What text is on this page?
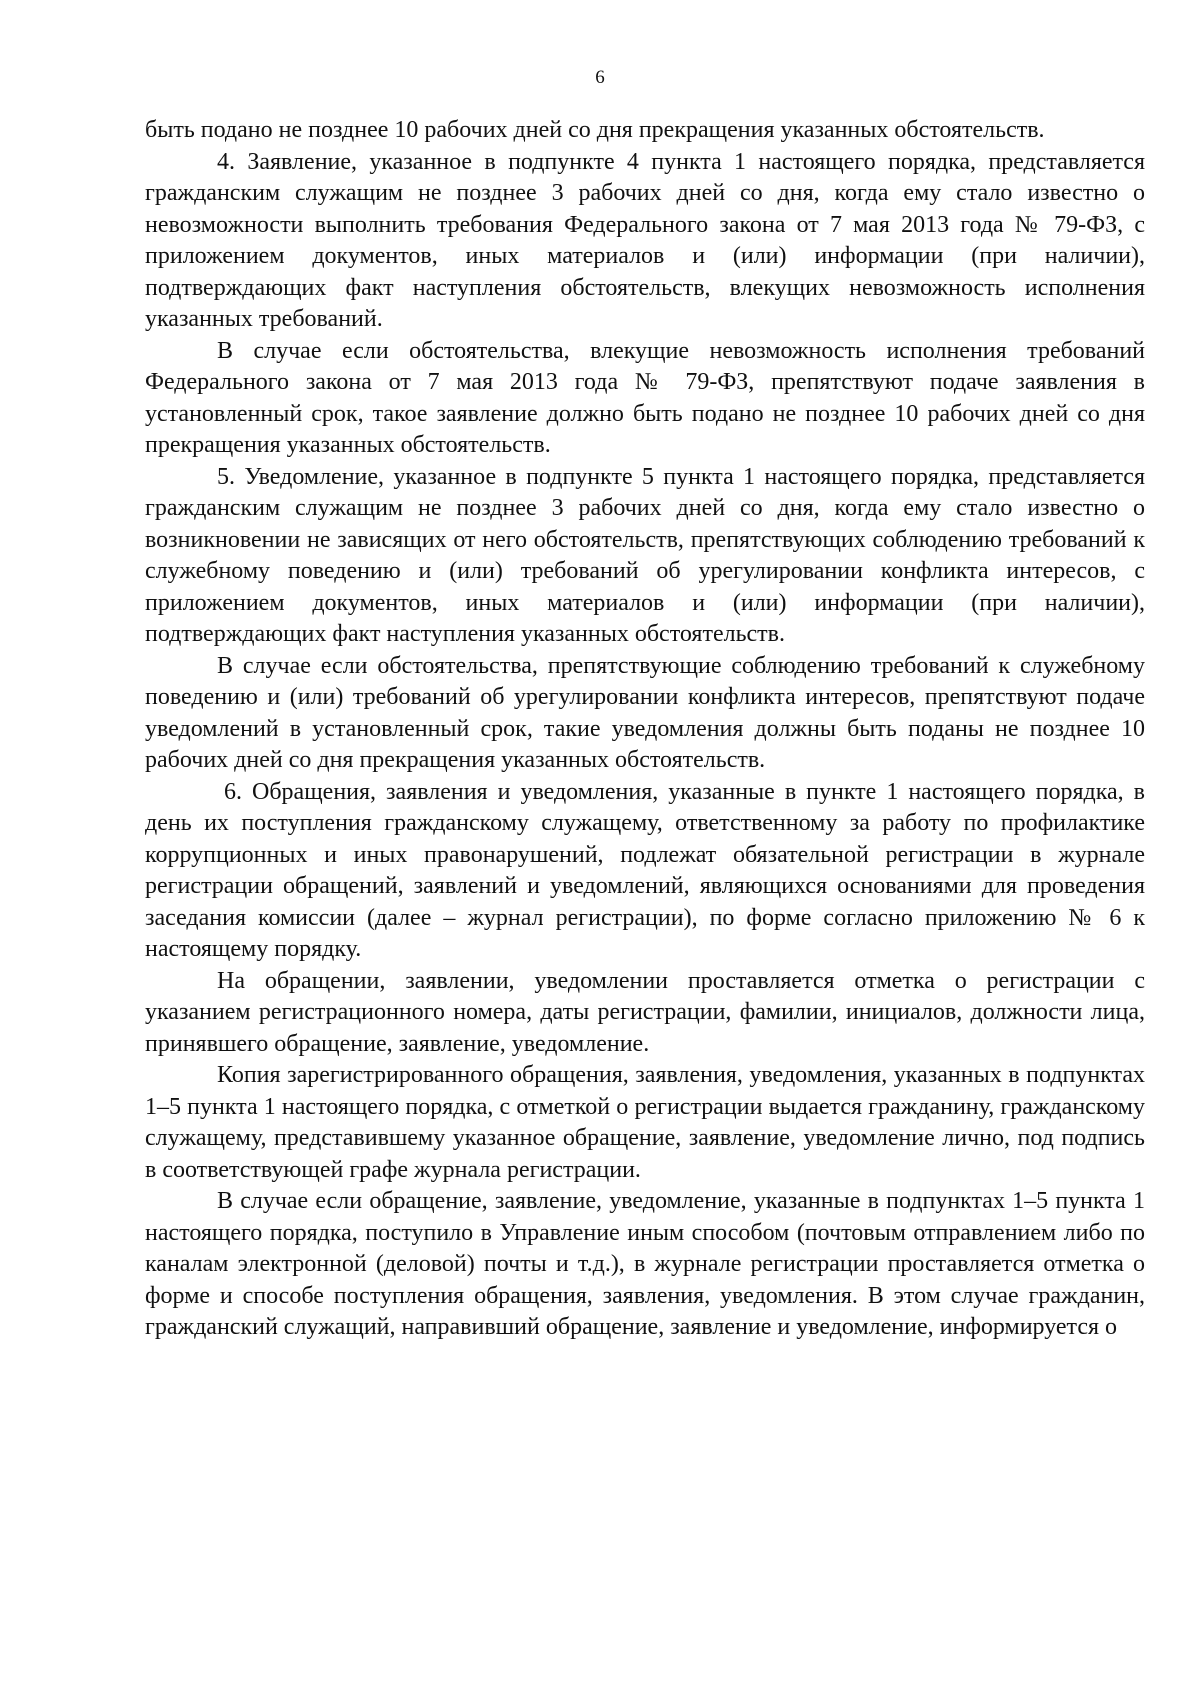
6

быть подано не позднее 10 рабочих дней со дня прекращения указанных обстоятельств.

4. Заявление, указанное в подпункте 4 пункта 1 настоящего порядка, представляется гражданским служащим не позднее 3 рабочих дней со дня, когда ему стало известно о невозможности выполнить требования Федерального закона от 7 мая 2013 года № 79-ФЗ, с приложением документов, иных материалов и (или) информации (при наличии), подтверждающих факт наступления обстоятельств, влекущих невозможность исполнения указанных требований.

В случае если обстоятельства, влекущие невозможность исполнения требований Федерального закона от 7 мая 2013 года № 79-ФЗ, препятствуют подаче заявления в установленный срок, такое заявление должно быть подано не позднее 10 рабочих дней со дня прекращения указанных обстоятельств.

5. Уведомление, указанное в подпункте 5 пункта 1 настоящего порядка, представляется гражданским служащим не позднее 3 рабочих дней со дня, когда ему стало известно о возникновении не зависящих от него обстоятельств, препятствующих соблюдению требований к служебному поведению и (или) требований об урегулировании конфликта интересов, с приложением документов, иных материалов и (или) информации (при наличии), подтверждающих факт наступления указанных обстоятельств.

В случае если обстоятельства, препятствующие соблюдению требований к служебному поведению и (или) требований об урегулировании конфликта интересов, препятствуют подаче уведомлений в установленный срок, такие уведомления должны быть поданы не позднее 10 рабочих дней со дня прекращения указанных обстоятельств.

6. Обращения, заявления и уведомления, указанные в пункте 1 настоящего порядка, в день их поступления гражданскому служащему, ответственному за работу по профилактике коррупционных и иных правонарушений, подлежат обязательной регистрации в журнале регистрации обращений, заявлений и уведомлений, являющихся основаниями для проведения заседания комиссии (далее – журнал регистрации), по форме согласно приложению № 6 к настоящему порядку.

На обращении, заявлении, уведомлении проставляется отметка о регистрации с указанием регистрационного номера, даты регистрации, фамилии, инициалов, должности лица, принявшего обращение, заявление, уведомление.

Копия зарегистрированного обращения, заявления, уведомления, указанных в подпунктах 1–5 пункта 1 настоящего порядка, с отметкой о регистрации выдается гражданину, гражданскому служащему, представившему указанное обращение, заявление, уведомление лично, под подпись в соответствующей графе журнала регистрации.

В случае если обращение, заявление, уведомление, указанные в подпунктах 1–5 пункта 1 настоящего порядка, поступило в Управление иным способом (почтовым отправлением либо по каналам электронной (деловой) почты и т.д.), в журнале регистрации проставляется отметка о форме и способе поступления обращения, заявления, уведомления. В этом случае гражданин, гражданский служащий, направивший обращение, заявление и уведомление, информируется о
